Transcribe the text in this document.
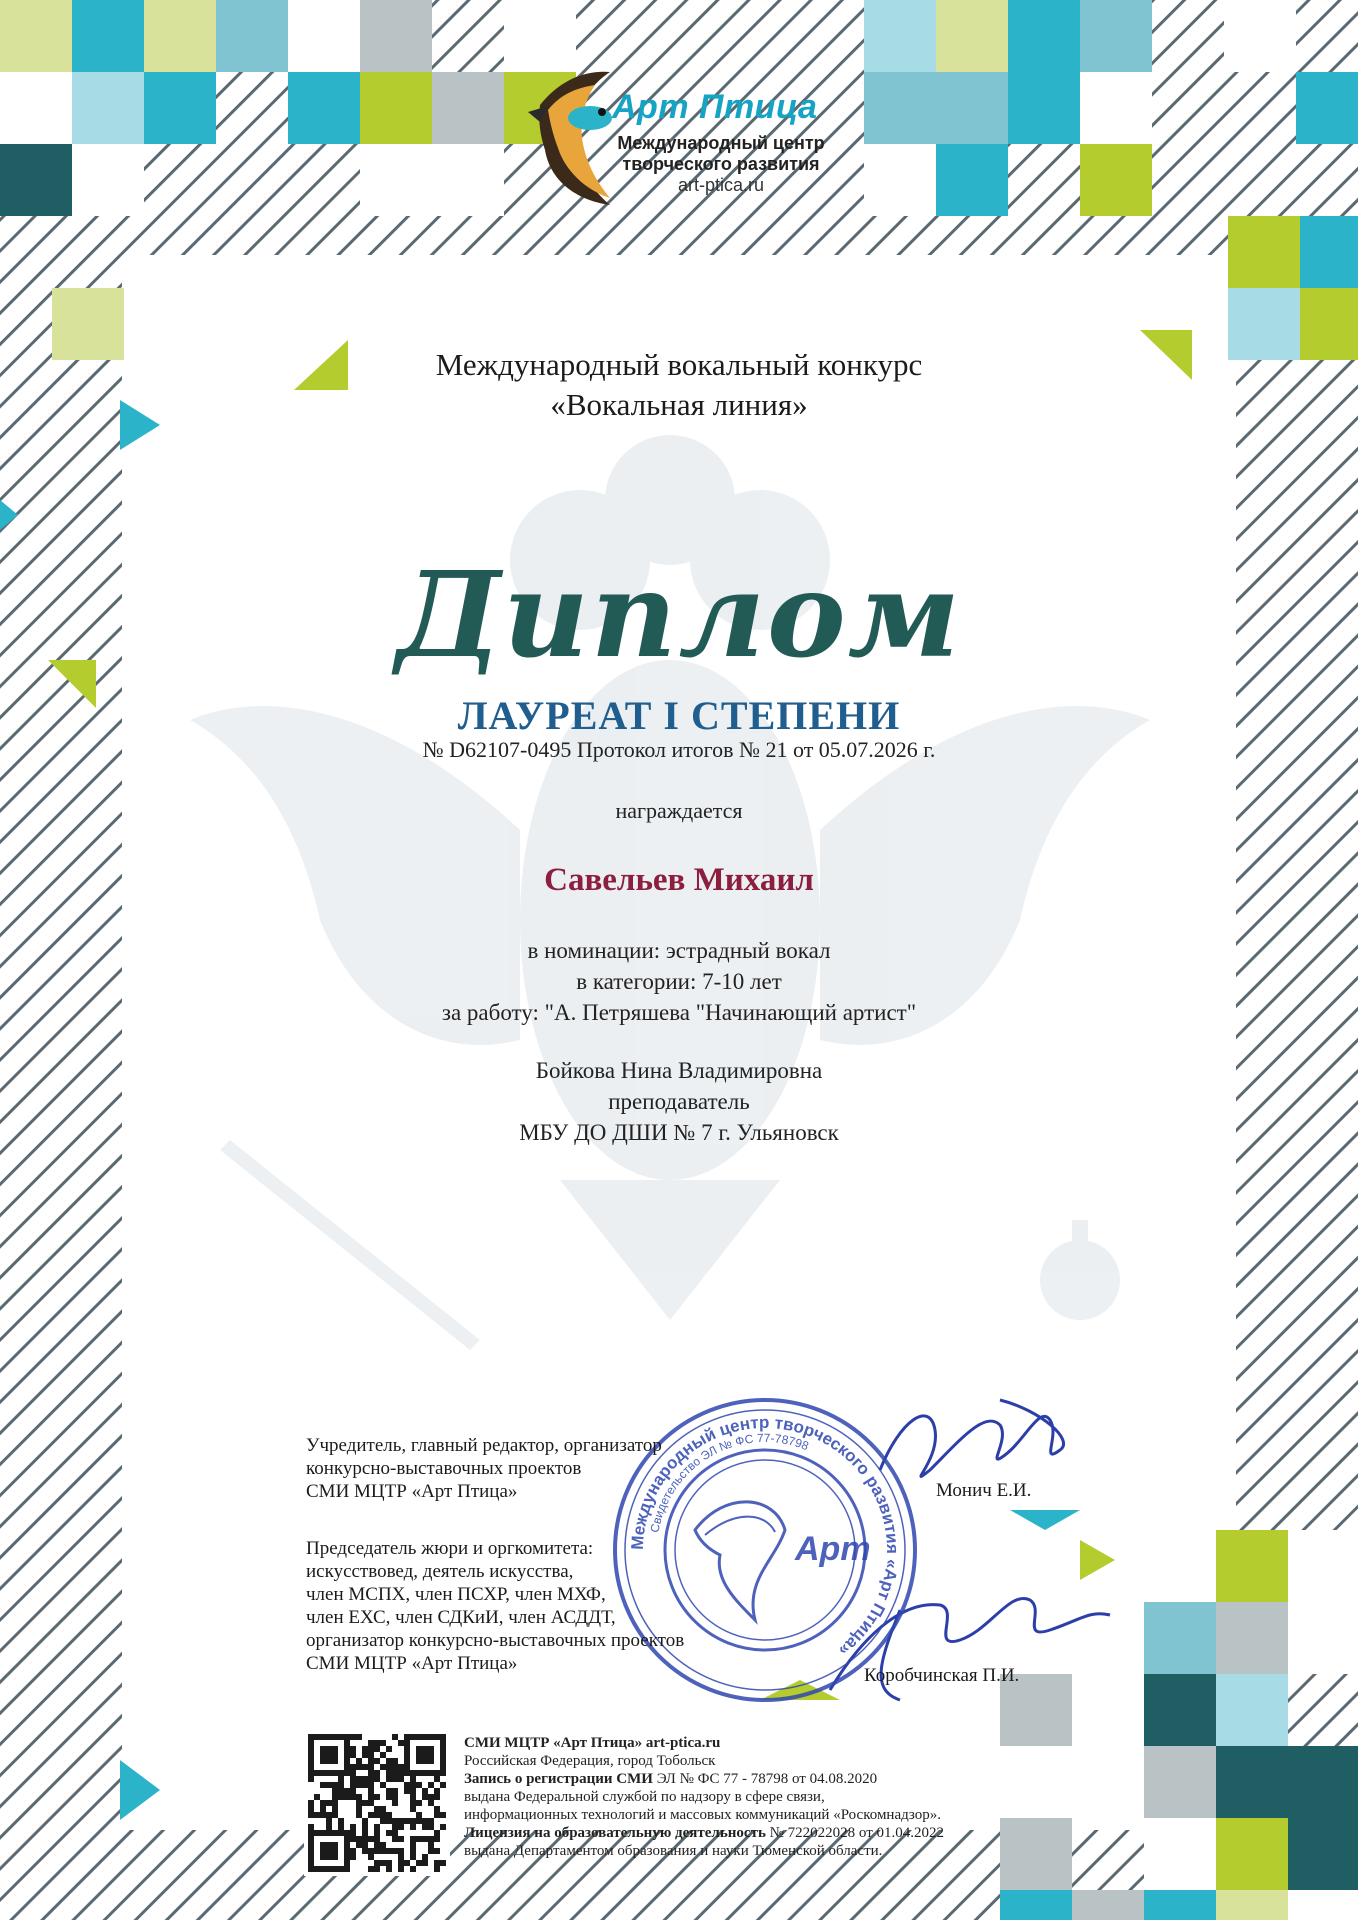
Международный центр творческого развития «Арт Птица»
Свидетельство ЭЛ № ФС 77-78798
Арт
Арт Птица
Международный центр
творческого развития
art-ptica.ru
Международный вокальный конкурс
«Вокальная линия»
Диплом
ЛАУРЕАТ I СТЕПЕНИ
№ D62107-0495 Протокол итогов № 21 от 05.07.2026 г.
награждается
Савельев Михаил
в номинации: эстрадный вокал
в категории: 7-10 лет
за работу: "А. Петряшева "Начинающий артист"
Бойкова Нина Владимировна
преподаватель
МБУ ДО ДШИ № 7 г. Ульяновск
Учредитель, главный редактор, организатор
конкурсно-выставочных проектов
СМИ МЦТР «Арт Птица»	Монич Е.И.
Председатель жюри и оргкомитета:
искусствовед, деятель искусства,
член МСПХ, член ПСХР, член МХФ,
член ЕХС, член СДКиИ, член АСДДТ,
организатор конкурсно-выставочных проектов
СМИ МЦТР «Арт Птица»
Коробчинская П.И.
СМИ МЦТР «Арт Птица» art-ptica.ru
Российская Федерация, город Тобольск
Запись о регистрации СМИ ЭЛ № ФС 77 - 78798 от 04.08.2020
выдана Федеральной службой по надзору в сфере связи,
информационных технологий и массовых коммуникаций «Роскомнадзор».
Лицензия на образовательную деятельность № 722022028 от 01.04.2022
выдана Департаментом образования и науки Тюменской области.
